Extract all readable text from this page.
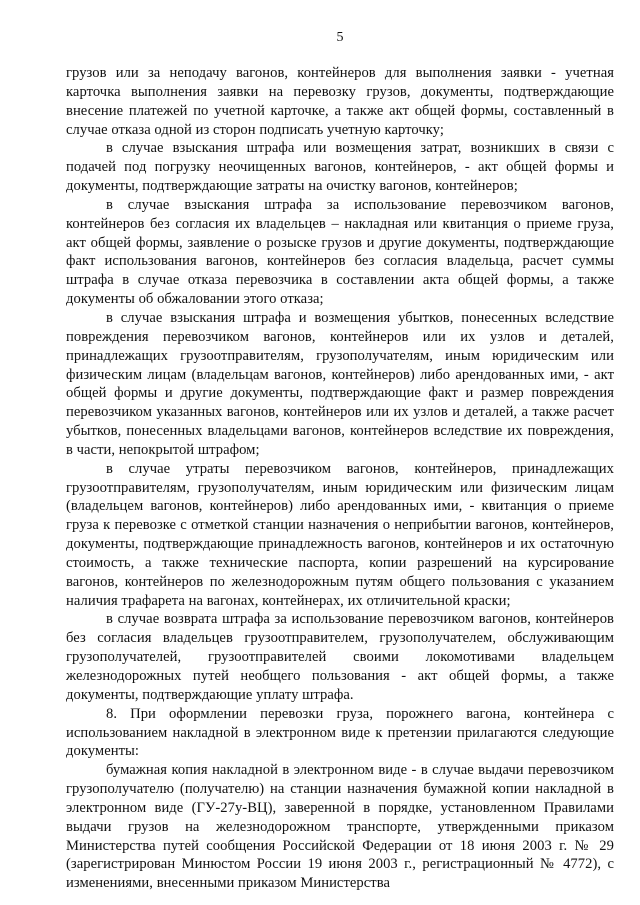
5

грузов или за неподачу вагонов, контейнеров для выполнения заявки - учетная карточка выполнения заявки на перевозку грузов, документы, подтверждающие внесение платежей по учетной карточке, а также акт общей формы, составленный в случае отказа одной из сторон подписать учетную карточку;

в случае взыскания штрафа или возмещения затрат, возникших в связи с подачей под погрузку неочищенных вагонов, контейнеров, - акт общей формы и документы, подтверждающие затраты на очистку вагонов, контейнеров;

в случае взыскания штрафа за использование перевозчиком вагонов, контейнеров без согласия их владельцев – накладная или квитанция о приеме груза, акт общей формы, заявление о розыске грузов и другие документы, подтверждающие факт использования вагонов, контейнеров без согласия владельца, расчет суммы штрафа в случае отказа перевозчика в составлении акта общей формы, а также документы об обжаловании этого отказа;

в случае взыскания штрафа и возмещения убытков, понесенных вследствие повреждения перевозчиком вагонов, контейнеров или их узлов и деталей, принадлежащих грузоотправителям, грузополучателям, иным юридическим или физическим лицам (владельцам вагонов, контейнеров) либо арендованных ими, - акт общей формы и другие документы, подтверждающие факт и размер повреждения перевозчиком указанных вагонов, контейнеров или их узлов и деталей, а также расчет убытков, понесенных владельцами вагонов, контейнеров вследствие их повреждения, в части, непокрытой штрафом;

в случае утраты перевозчиком вагонов, контейнеров, принадлежащих грузоотправителям, грузополучателям, иным юридическим или физическим лицам (владельцем вагонов, контейнеров) либо арендованных ими, - квитанция о приеме груза к перевозке с отметкой станции назначения о неприбытии вагонов, контейнеров, документы, подтверждающие принадлежность вагонов, контейнеров и их остаточную стоимость, а также технические паспорта, копии разрешений на курсирование вагонов, контейнеров по железнодорожным путям общего пользования с указанием наличия трафарета на вагонах, контейнерах, их отличительной краски;

в случае возврата штрафа за использование перевозчиком вагонов, контейнеров без согласия владельцев грузоотправителем, грузополучателем, обслуживающим грузополучателей, грузоотправителей своими локомотивами владельцем железнодорожных путей необщего пользования - акт общей формы, а также документы, подтверждающие уплату штрафа.

8. При оформлении перевозки груза, порожнего вагона, контейнера с использованием накладной в электронном виде к претензии прилагаются следующие документы:

бумажная копия накладной в электронном виде - в случае выдачи перевозчиком грузополучателю (получателю) на станции назначения бумажной копии накладной в электронном виде (ГУ-27у-ВЦ), заверенной в порядке, установленном Правилами выдачи грузов на железнодорожном транспорте, утвержденными приказом Министерства путей сообщения Российской Федерации от 18 июня 2003 г. № 29 (зарегистрирован Минюстом России 19 июня 2003 г., регистрационный № 4772), с изменениями, внесенными приказом Министерства
